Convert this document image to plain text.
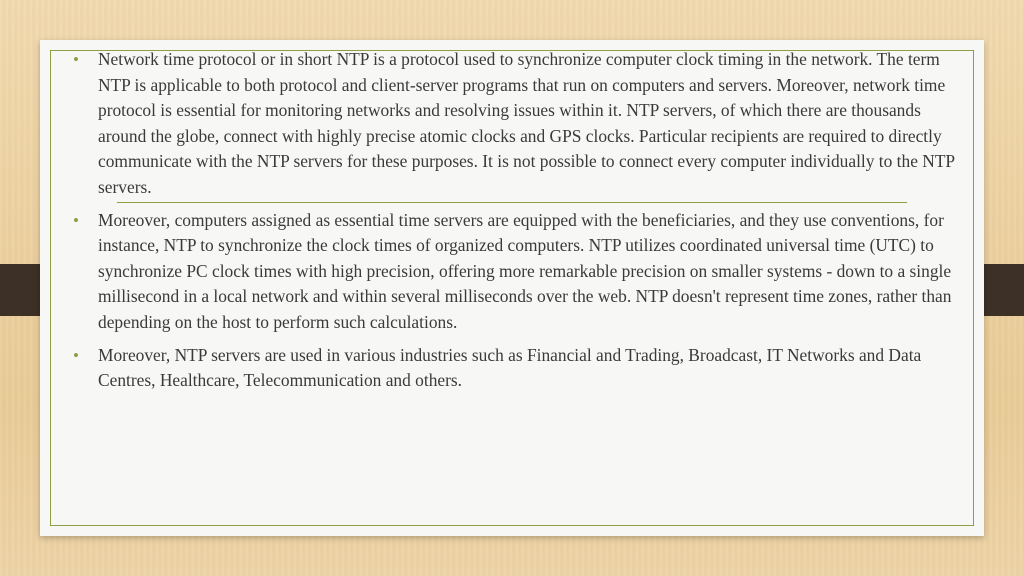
• Network time protocol or in short NTP is a protocol used to synchronize computer clock timing in the network. The term NTP is applicable to both protocol and client-server programs that run on computers and servers. Moreover, network time protocol is essential for monitoring networks and resolving issues within it. NTP servers, of which there are thousands around the globe, connect with highly precise atomic clocks and GPS clocks. Particular recipients are required to directly communicate with the NTP servers for these purposes. It is not possible to connect every computer individually to the NTP servers.
• Moreover, computers assigned as essential time servers are equipped with the beneficiaries, and they use conventions, for instance, NTP to synchronize the clock times of organized computers. NTP utilizes coordinated universal time (UTC) to synchronize PC clock times with high precision, offering more remarkable precision on smaller systems - down to a single millisecond in a local network and within several milliseconds over the web. NTP doesn't represent time zones, rather than depending on the host to perform such calculations.
• Moreover, NTP servers are used in various industries such as Financial and Trading, Broadcast, IT Networks and Data Centres, Healthcare, Telecommunication and others.
